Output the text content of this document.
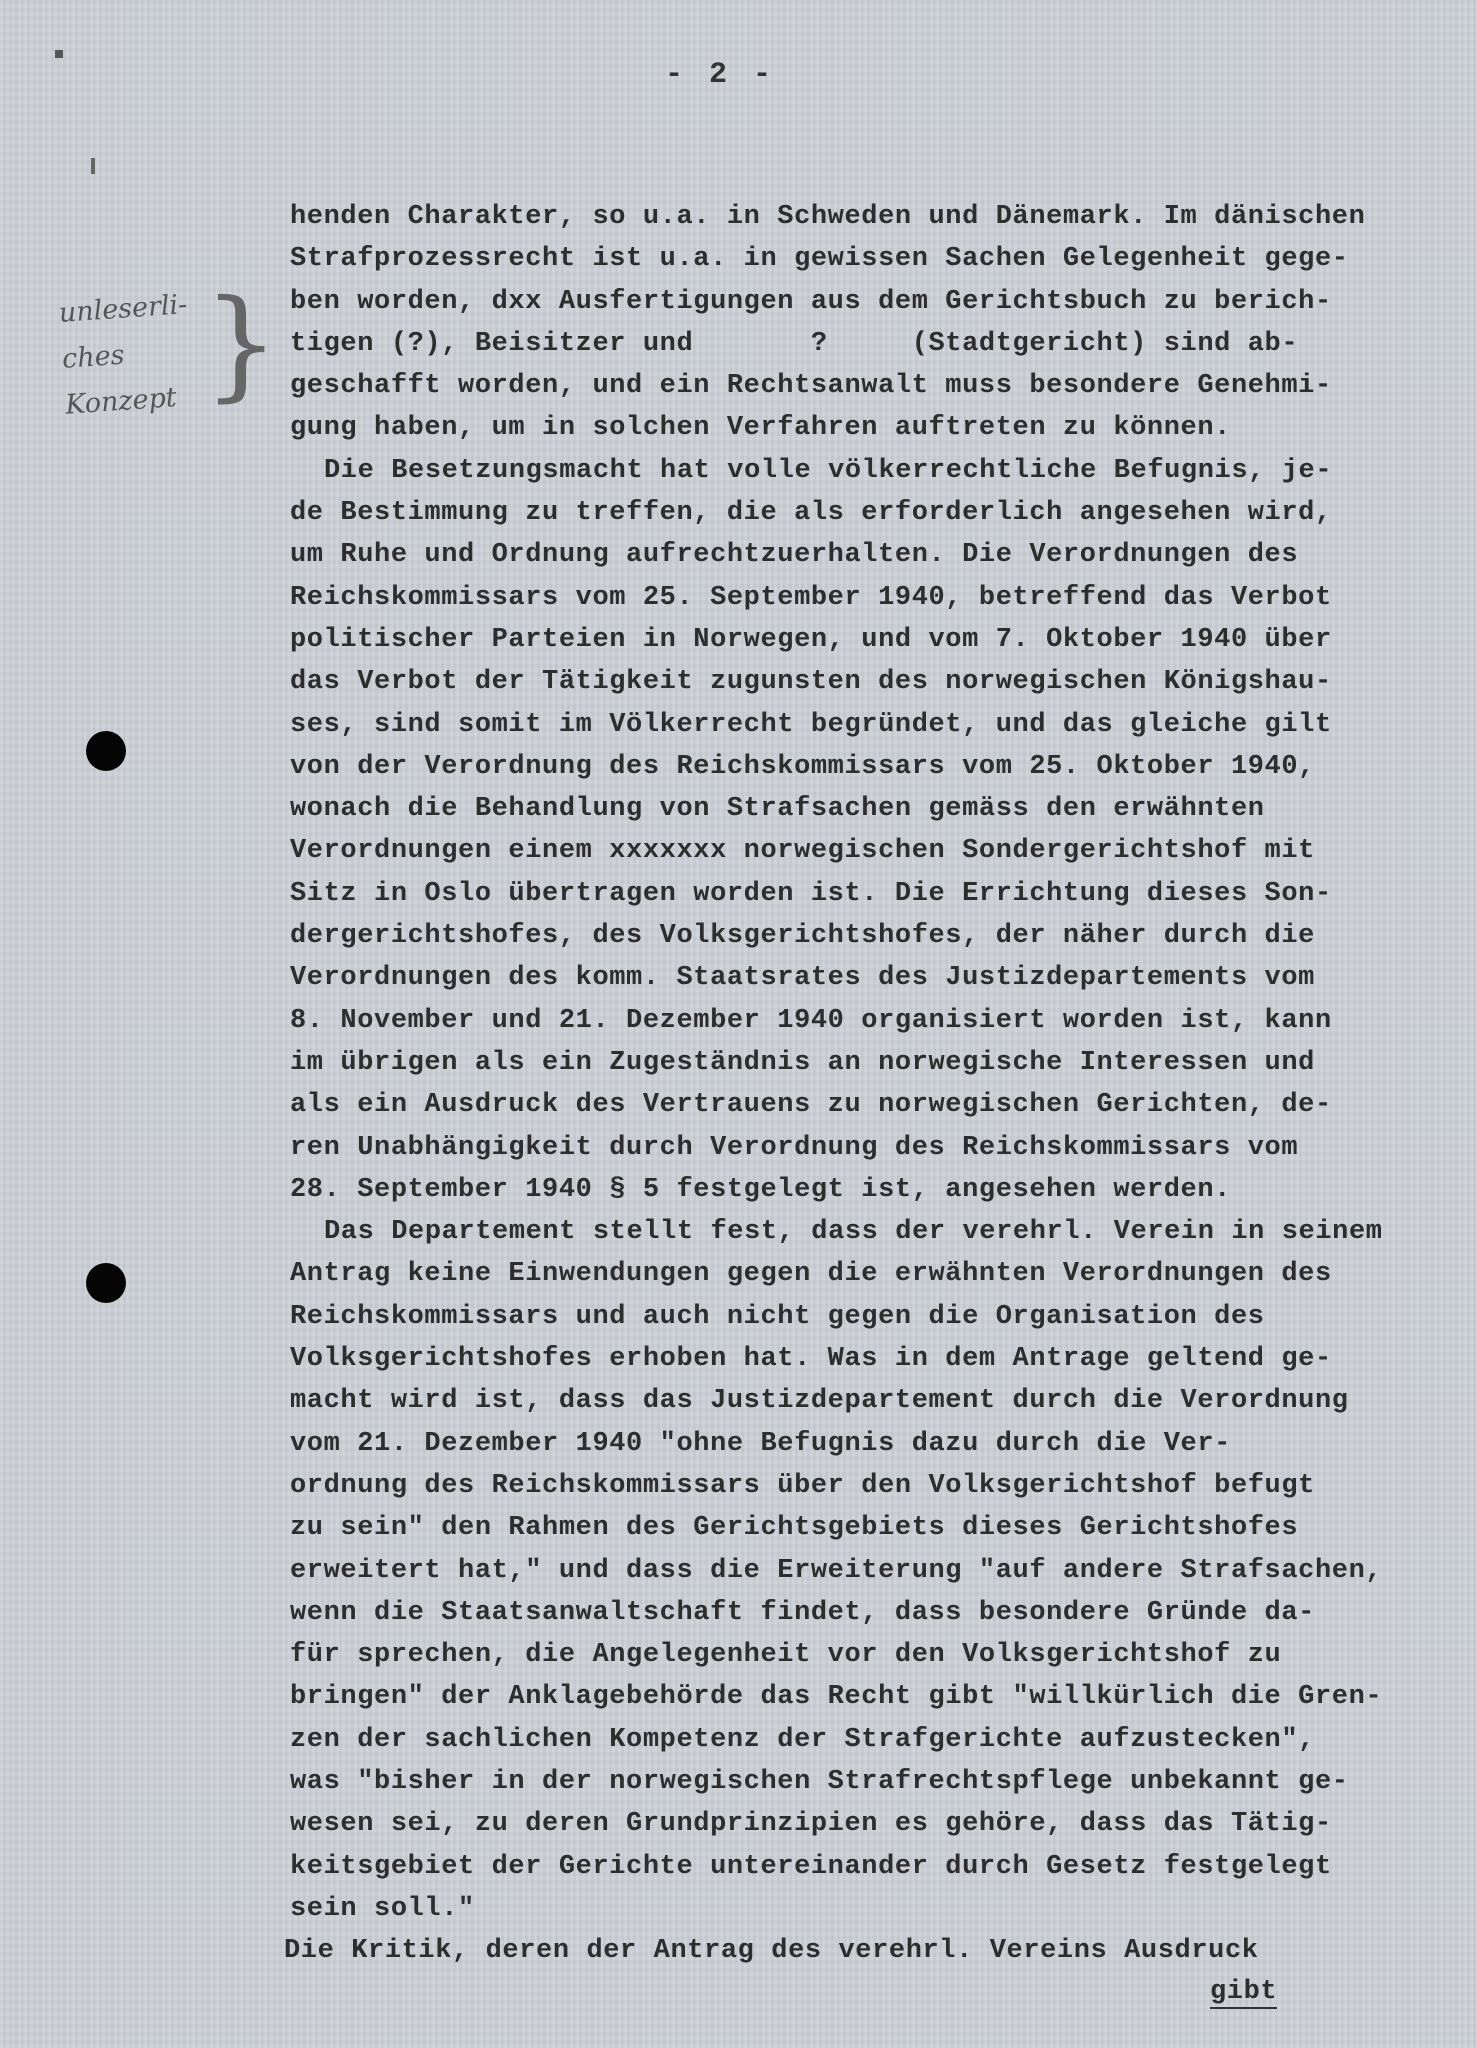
- 2 -
unleserli-
ches
Konzept }
henden Charakter, so u.a. in Schweden und Dänemark. Im dänischen
Strafprozessrecht ist u.a. in gewissen Sachen Gelegenheit gege-
ben worden, dxx Ausfertigungen aus dem Gerichtsbuch zu berich-
tigen (?), Beisitzer und       ?     (Stadtgericht) sind ab-
geschafft worden, und ein Rechtsanwalt muss besondere Genehmi-
gung haben, um in solchen Verfahren auftreten zu können.
Die Besetzungsmacht hat volle völkerrechtliche Befugnis, je-
de Bestimmung zu treffen, die als erforderlich angesehen wird,
um Ruhe und Ordnung aufrechtzuerhalten. Die Verordnungen des
Reichskommissars vom 25. September 1940, betreffend das Verbot
politischer Parteien in Norwegen, und vom 7. Oktober 1940 über
das Verbot der Tätigkeit zugunsten des norwegischen Königshau-
ses, sind somit im Völkerrecht begründet, und das gleiche gilt
von der Verordnung des Reichskommissars vom 25. Oktober 1940,
wonach die Behandlung von Strafsachen gemäss den erwähnten
Verordnungen einem xxxxxxx norwegischen Sondergerichtshof mit
Sitz in Oslo übertragen worden ist. Die Errichtung dieses Son-
dergerichtshofes, des Volksgerichtshofes, der näher durch die
Verordnungen des komm. Staatsrates des Justizdepartements vom
8. November und 21. Dezember 1940 organisiert worden ist, kann
im übrigen als ein Zugeständnis an norwegische Interessen und
als ein Ausdruck des Vertrauens zu norwegischen Gerichten, de-
ren Unabhängigkeit durch Verordnung des Reichskommissars vom
28. September 1940 § 5 festgelegt ist, angesehen werden.
Das Departement stellt fest, dass der verehrl. Verein in seinem
Antrag keine Einwendungen gegen die erwähnten Verordnungen des
Reichskommissars und auch nicht gegen die Organisation des
Volksgerichtshofes erhoben hat. Was in dem Antrage geltend ge-
macht wird ist, dass das Justizdepartement durch die Verordnung
vom 21. Dezember 1940 "ohne Befugnis dazu durch die Ver-
ordnung des Reichskommissars über den Volksgerichtshof befugt
zu sein" den Rahmen des Gerichtsgebiets dieses Gerichtshofes
erweitert hat," und dass die Erweiterung "auf andere Strafsachen,
wenn die Staatsanwaltschaft findet, dass besondere Gründe da-
für sprechen, die Angelegenheit vor den Volksgerichtshof zu
bringen" der Anklagebehörde das Recht gibt "willkürlich die Gren-
zen der sachlichen Kompetenz der Strafgerichte aufzustecken",
was "bisher in der norwegischen Strafrechtspflege unbekannt ge-
wesen sei, zu deren Grundprinzipien es gehöre, dass das Tätig-
keitsgebiet der Gerichte untereinander durch Gesetz festgelegt
sein soll."
Die Kritik, deren der Antrag des verehrl. Vereins Ausdruck
gibt
